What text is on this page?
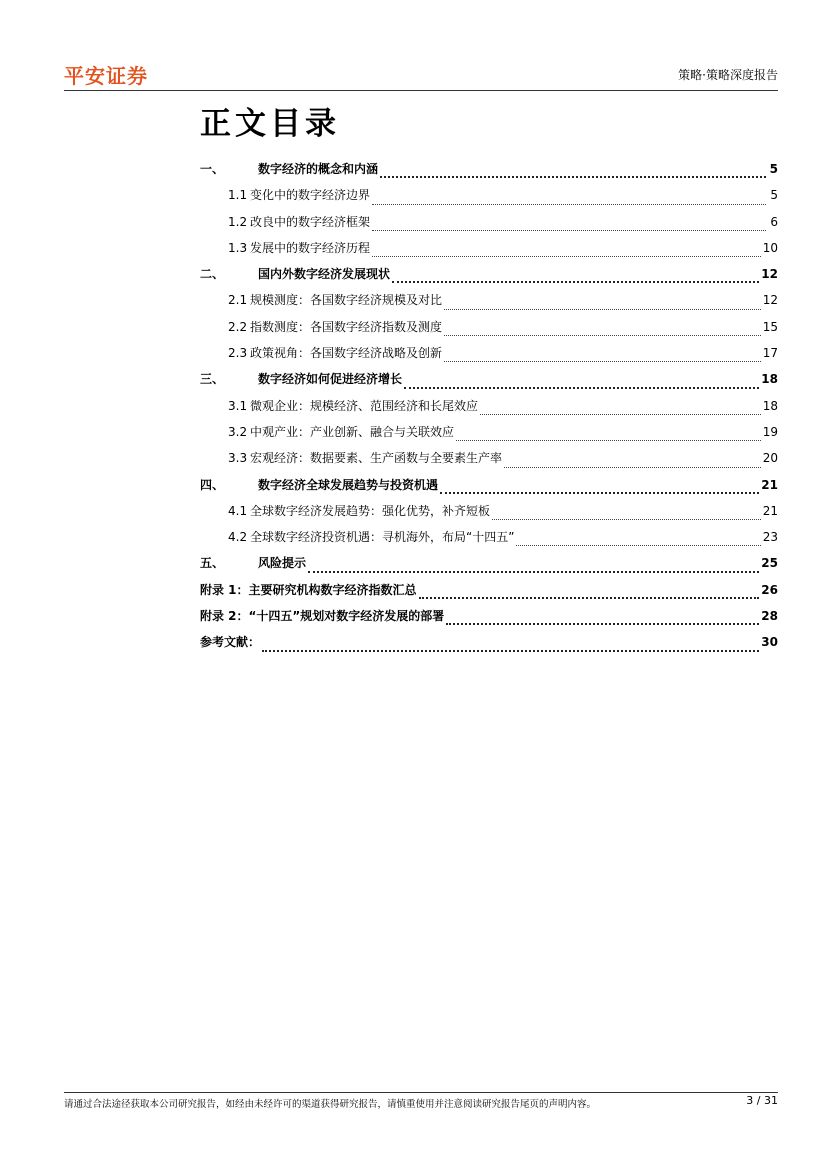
平安证券	策略·策略深度报告
正文目录
一、	数字经济的概念和内涵	5
1.1 变化中的数字经济边界	5
1.2 改良中的数字经济框架	6
1.3 发展中的数字经济历程	10
二、	国内外数字经济发展现状	12
2.1 规模测度：各国数字经济规模及对比	12
2.2 指数测度：各国数字经济指数及测度	15
2.3 政策视角：各国数字经济战略及创新	17
三、	数字经济如何促进经济增长	18
3.1 微观企业：规模经济、范围经济和长尾效应	18
3.2 中观产业：产业创新、融合与关联效应	19
3.3 宏观经济：数据要素、生产函数与全要素生产率	20
四、	数字经济全球发展趋势与投资机遇	21
4.1 全球数字经济发展趋势：强化优势，补齐短板	21
4.2 全球数字经济投资机遇：寻机海外，布局“十四五”	23
五、	风险提示	25
附录 1：主要研究机构数字经济指数汇总	26
附录 2：“十四五”规划对数字经济发展的部署	28
参考文献：	30
请通过合法途径获取本公司研究报告，如经由未经许可的渠道获得研究报告，请慎重使用并注意阅读研究报告尾页的声明内容。	3 / 31
